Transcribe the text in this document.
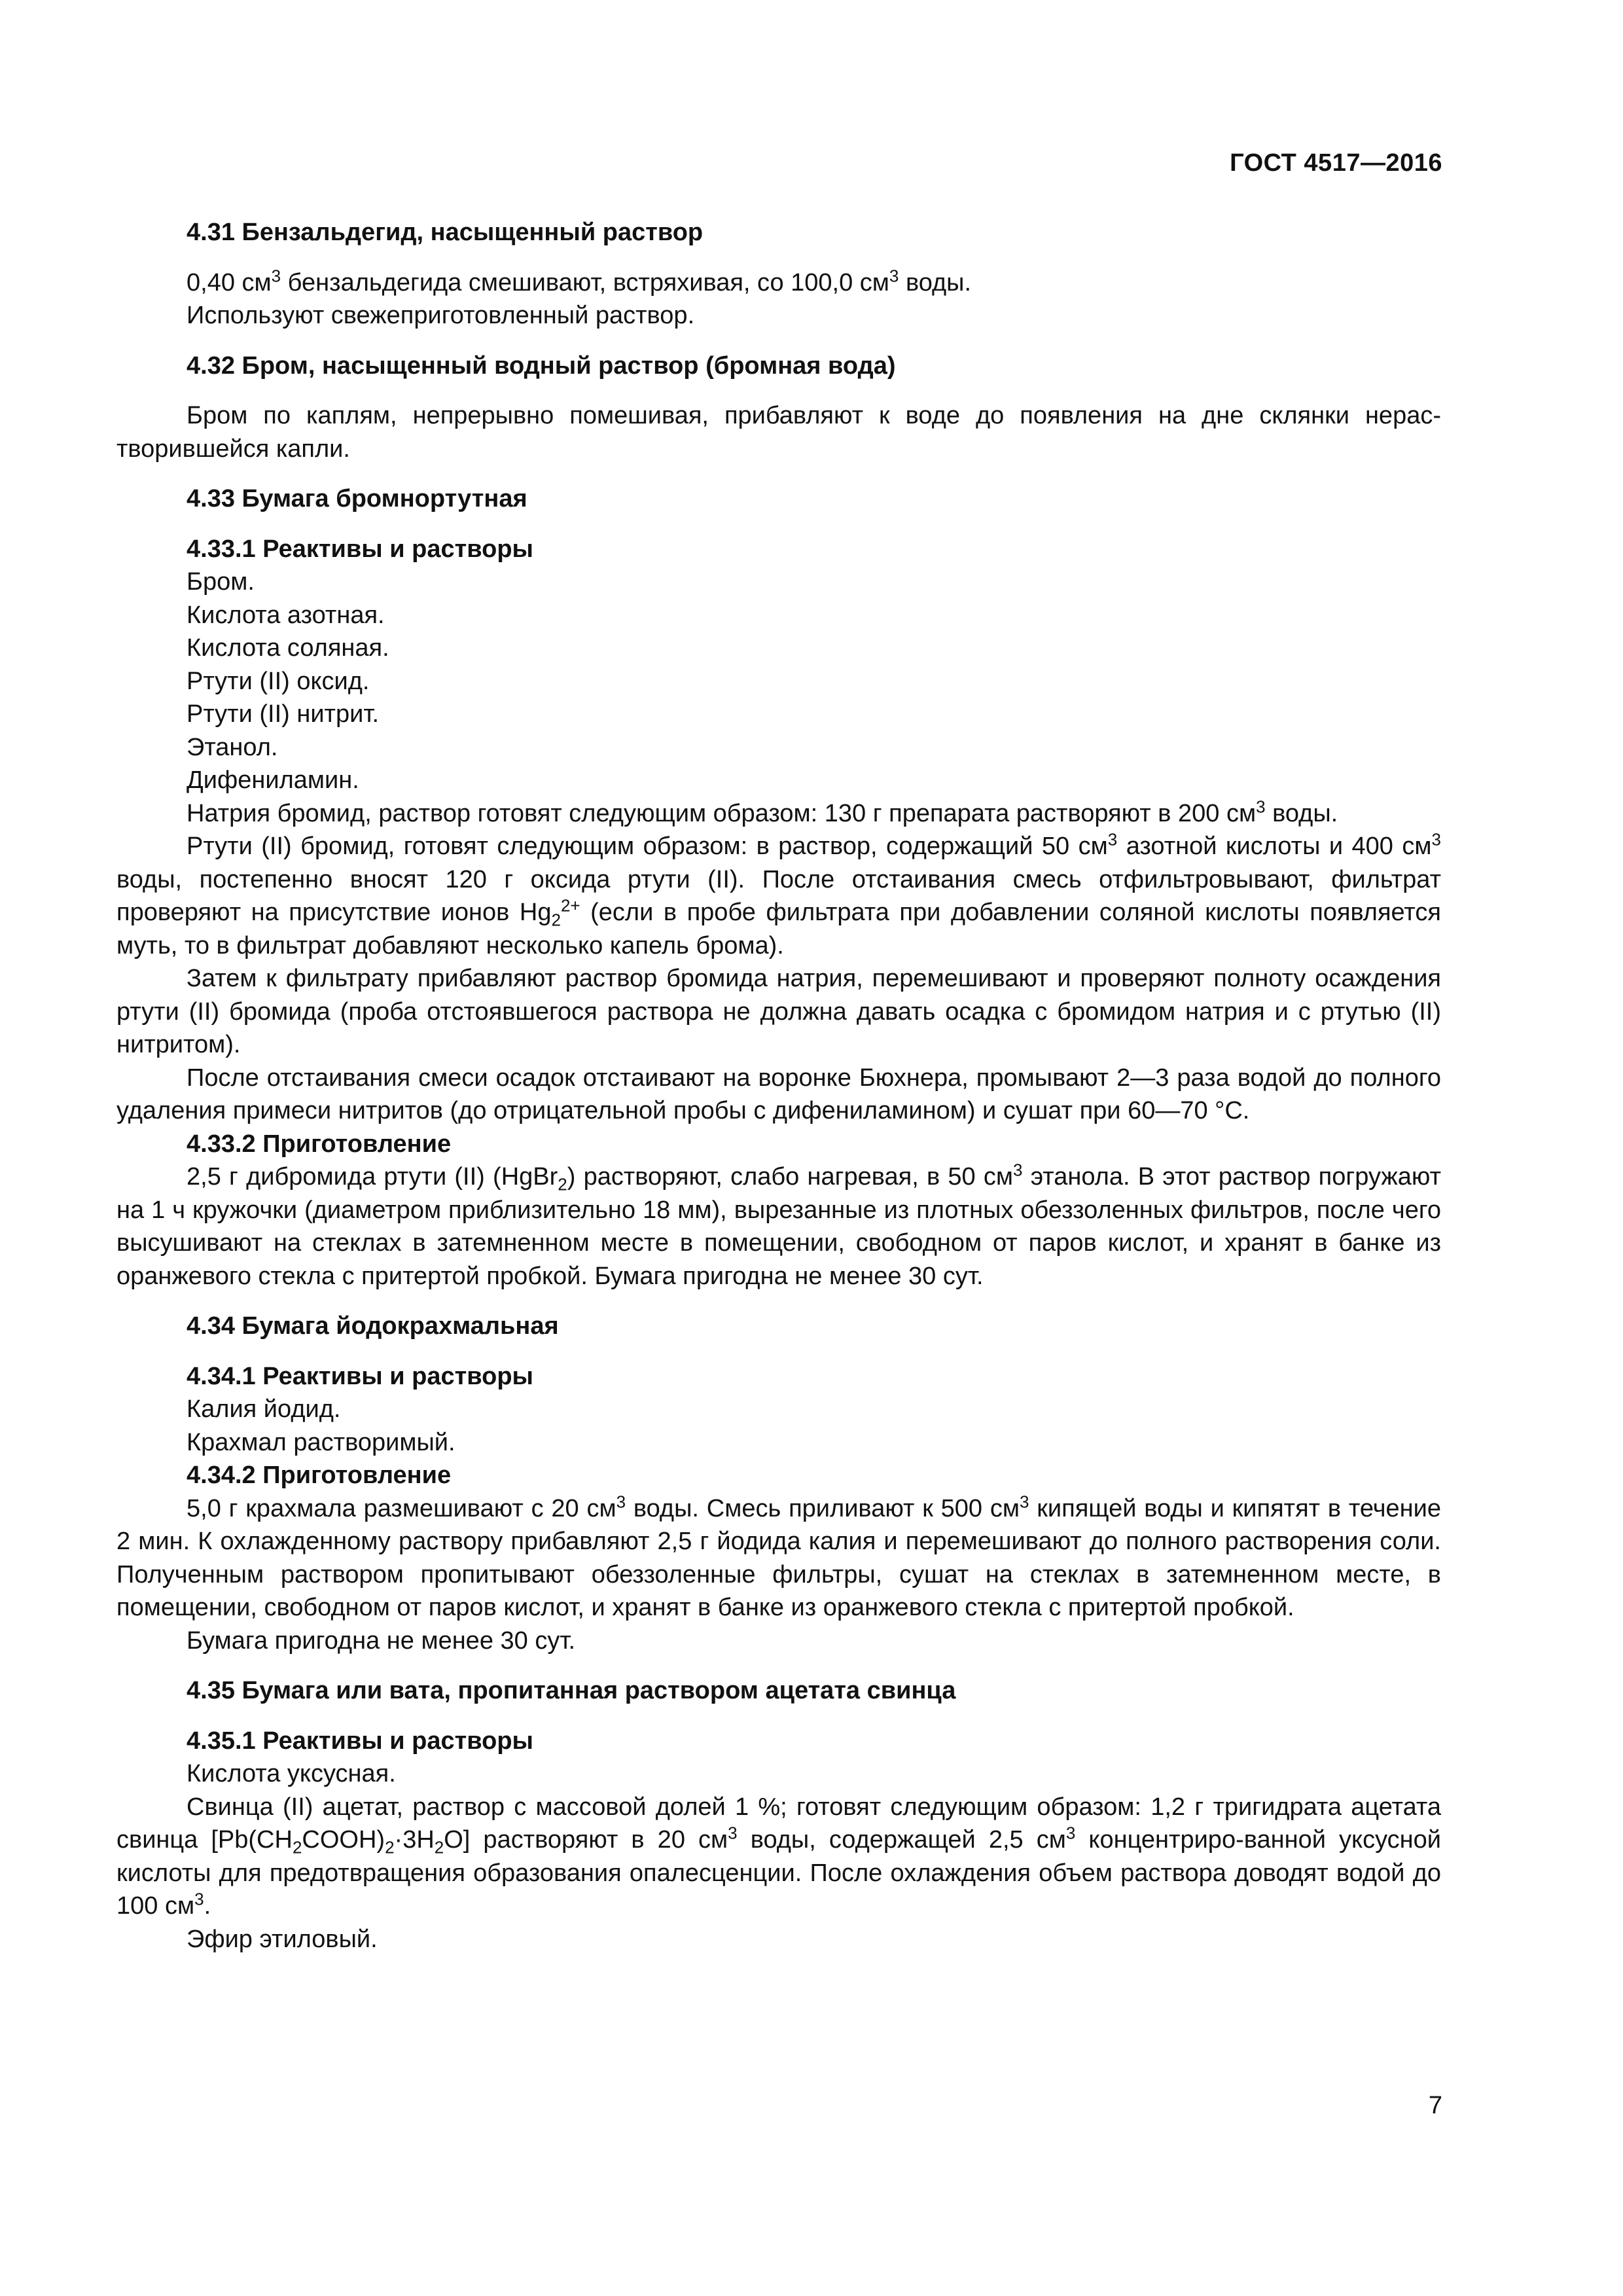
ГОСТ 4517—2016

4.31 Бензальдегид, насыщенный раствор

0,40 $см^3$ бензальдегида смешивают, встряхивая, со 100,0 $см^3$ воды.

Используют свежеприготовленный раствор.

4.32 Бром, насыщенный водный раствор (бромная вода)

Бром по каплям, непрерывно помешивая, прибавляют к воде до появления на дне склянки нерас-творившейся капли.

4.33 Бумага бромнортутная

4.33.1 Реактивы и растворы

Бром.

Кислота азотная.

Кислота соляная.

Ртути (II) оксид.

Ртути (II) нитрит.

Этанол.

Дифениламин.

Натрия бромид, раствор готовят следующим образом: 130 г препарата растворяют в 200 $см^3$ воды.

Ртути (II) бромид, готовят следующим образом: в раствор, содержащий 50 $см^3$ азотной кислоты и 400 $см^3$ воды, постепенно вносят 120 г оксида ртути (II). После отстаивания смесь отфильтровывают, фильтрат проверяют на присутствие ионов $Hg_2^{2+}$ (если в пробе фильтрата при добавлении соляной кислоты появляется муть, то в фильтрат добавляют несколько капель брома).

Затем к фильтрату прибавляют раствор бромида натрия, перемешивают и проверяют полноту осаждения ртути (II) бромида (проба отстоявшегося раствора не должна давать осадка с бромидом натрия и с ртутью (II) нитритом).

После отстаивания смеси осадок отстаивают на воронке Бюхнера, промывают 2—3 раза водой до полного удаления примеси нитритов (до отрицательной пробы с дифениламином) и сушат при 60—70 °С.

4.33.2 Приготовление

2,5 г дибромида ртути (II) (HgBr$_2$) растворяют, слабо нагревая, в 50 $см^3$ этанола. В этот раствор погружают на 1 ч кружочки (диаметром приблизительно 18 мм), вырезанные из плотных обеззоленных фильтров, после чего высушивают на стеклах в затемненном месте в помещении, свободном от паров кислот, и хранят в банке из оранжевого стекла с притертой пробкой. Бумага пригодна не менее 30 сут.

4.34 Бумага йодокрахмальная

4.34.1 Реактивы и растворы

Калия йодид.

Крахмал растворимый.

4.34.2 Приготовление

5,0 г крахмала размешивают с 20 $см^3$ воды. Смесь приливают к 500 $см^3$ кипящей воды и кипятят в течение 2 мин. К охлажденному раствору прибавляют 2,5 г йодида калия и перемешивают до полного растворения соли. Полученным раствором пропитывают обеззоленные фильтры, сушат на стеклах в затемненном месте, в помещении, свободном от паров кислот, и хранят в банке из оранжевого стекла с притертой пробкой.

Бумага пригодна не менее 30 сут.

4.35 Бумага или вата, пропитанная раствором ацетата свинца

4.35.1 Реактивы и растворы

Кислота уксусная.

Свинца (II) ацетат, раствор с массовой долей 1 %; готовят следующим образом: 1,2 г тригидрата ацетата свинца $[Pb(CH_2COOH)_2\cdot 3H_2O]$ растворяют в 20 $см^3$ воды, содержащей 2,5 $см^3$ концентриро-ванной уксусной кислоты для предотвращения образования опалесценции. После охлаждения объем раствора доводят водой до 100 $см^3$.

Эфир этиловый.

7
